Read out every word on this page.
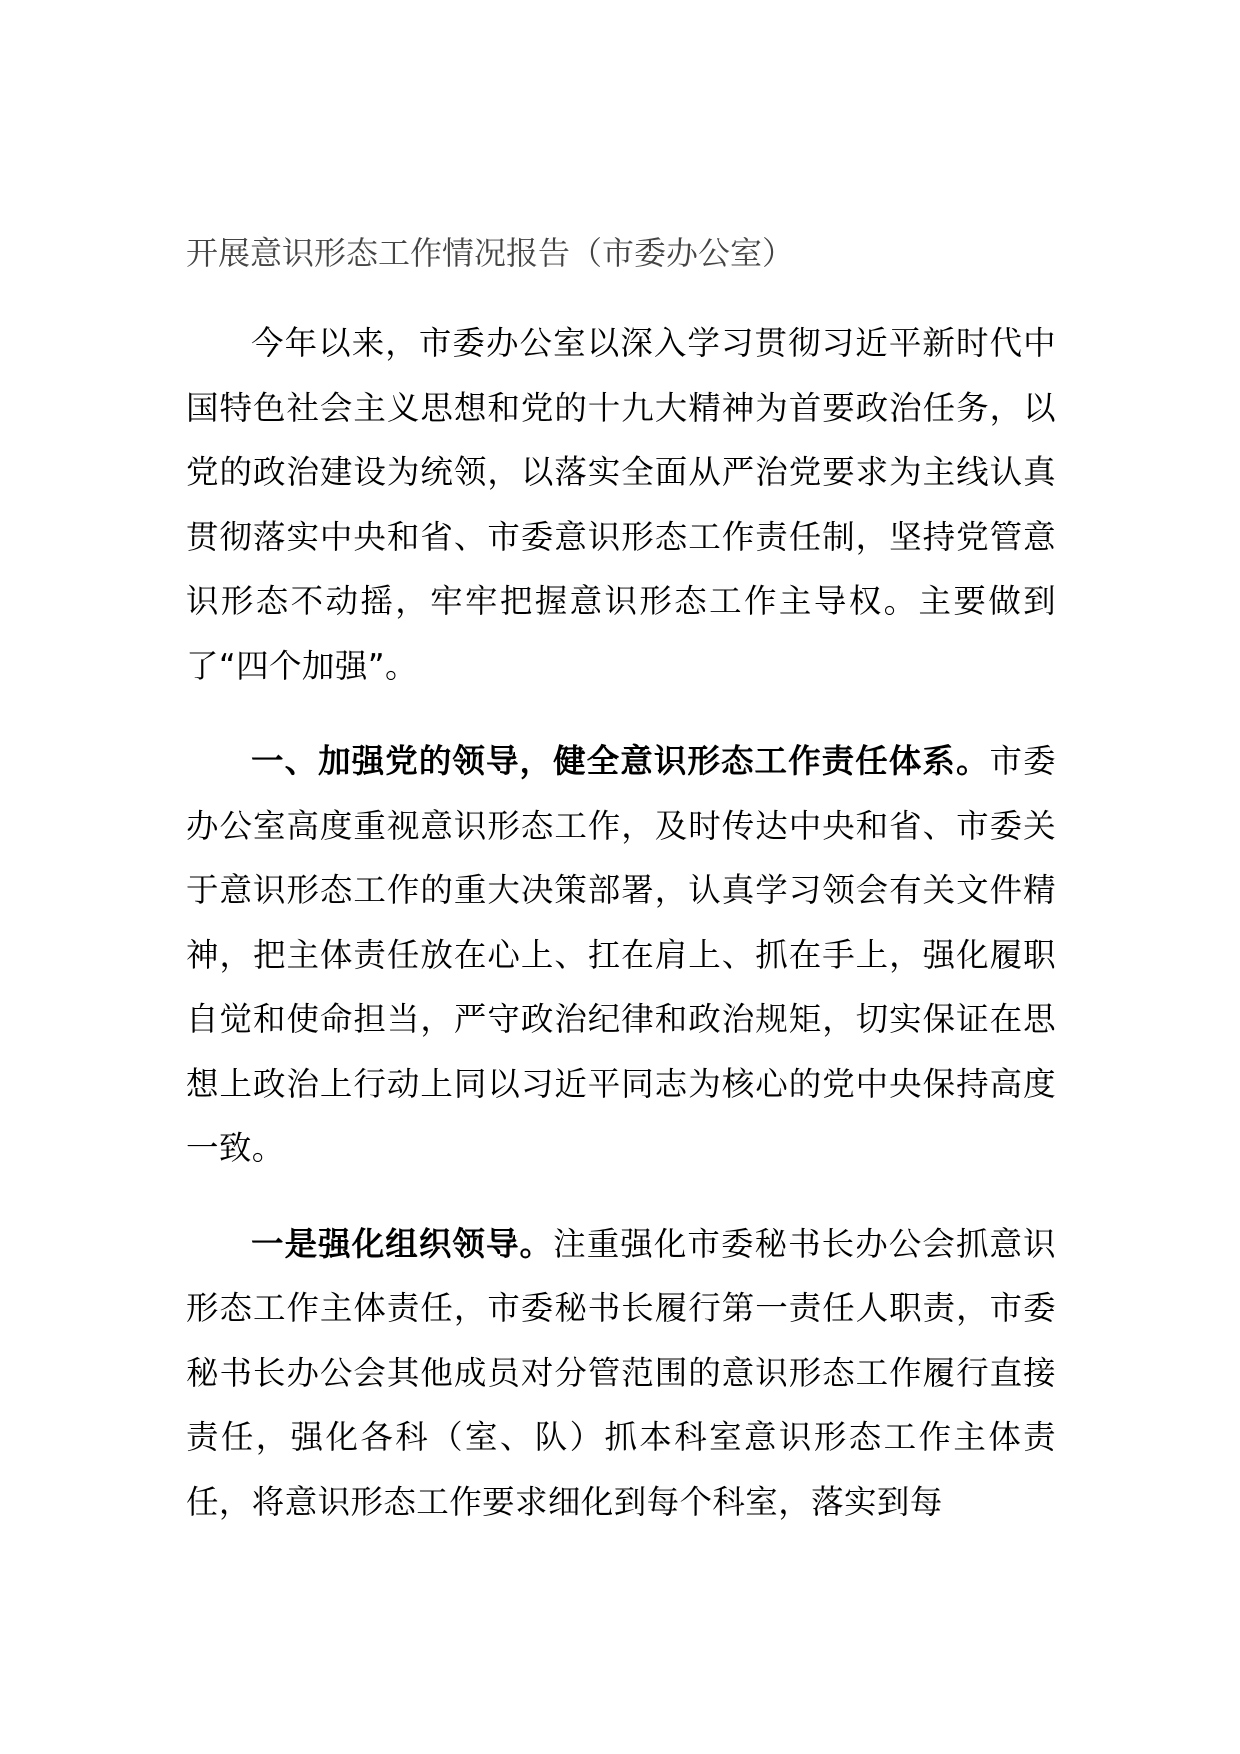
开展意识形态工作情况报告（市委办公室）

今年以来，市委办公室以深入学习贯彻习近平新时代中国特色社会主义思想和党的十九大精神为首要政治任务，以党的政治建设为统领，以落实全面从严治党要求为主线认真贯彻落实中央和省、市委意识形态工作责任制，坚持党管意识形态不动摇，牢牢把握意识形态工作主导权。主要做到了“四个加强”。

一、加强党的领导，健全意识形态工作责任体系。市委办公室高度重视意识形态工作，及时传达中央和省、市委关于意识形态工作的重大决策部署，认真学习领会有关文件精神，把主体责任放在心上、扛在肩上、抓在手上，强化履职自觉和使命担当，严守政治纪律和政治规矩，切实保证在思想上政治上行动上同以习近平同志为核心的党中央保持高度一致。

一是强化组织领导。注重强化市委秘书长办公会抓意识形态工作主体责任，市委秘书长履行第一责任人职责，市委秘书长办公会其他成员对分管范围的意识形态工作履行直接责任，强化各科（室、队）抓本科室意识形态工作主体责任，将意识形态工作要求细化到每个科室，落实到每
